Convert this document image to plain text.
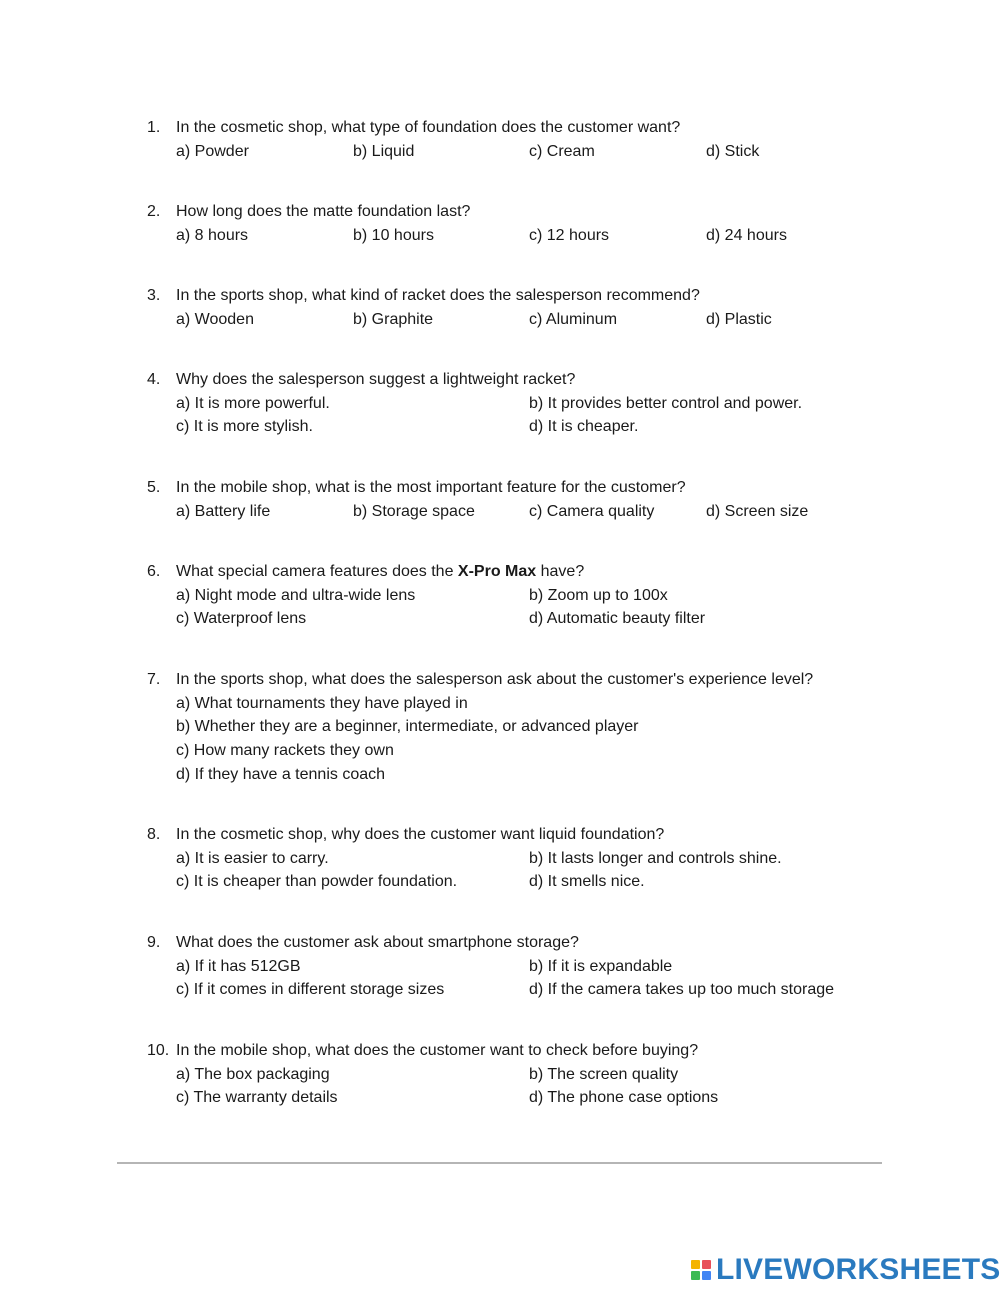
1. In the cosmetic shop, what type of foundation does the customer want?
a) Powder	b) Liquid	c) Cream	d) Stick
2. How long does the matte foundation last?
a) 8 hours	b) 10 hours	c) 12 hours	d) 24 hours
3. In the sports shop, what kind of racket does the salesperson recommend?
a) Wooden	b) Graphite	c) Aluminum	d) Plastic
4. Why does the salesperson suggest a lightweight racket?
a) It is more powerful.	b) It provides better control and power.
c) It is more stylish.	d) It is cheaper.
5. In the mobile shop, what is the most important feature for the customer?
a) Battery life	b) Storage space	c) Camera quality	d) Screen size
6. What special camera features does the X-Pro Max have?
a) Night mode and ultra-wide lens	b) Zoom up to 100x
c) Waterproof lens	d) Automatic beauty filter
7. In the sports shop, what does the salesperson ask about the customer's experience level?
a) What tournaments they have played in
b) Whether they are a beginner, intermediate, or advanced player
c) How many rackets they own
d) If they have a tennis coach
8. In the cosmetic shop, why does the customer want liquid foundation?
a) It is easier to carry.	b) It lasts longer and controls shine.
c) It is cheaper than powder foundation.	d) It smells nice.
9. What does the customer ask about smartphone storage?
a) If it has 512GB	b) If it is expandable
c) If it comes in different storage sizes	d) If the camera takes up too much storage
10. In the mobile shop, what does the customer want to check before buying?
a) The box packaging	b) The screen quality
c) The warranty details	d) The phone case options
LIVEWORKSHEETS
